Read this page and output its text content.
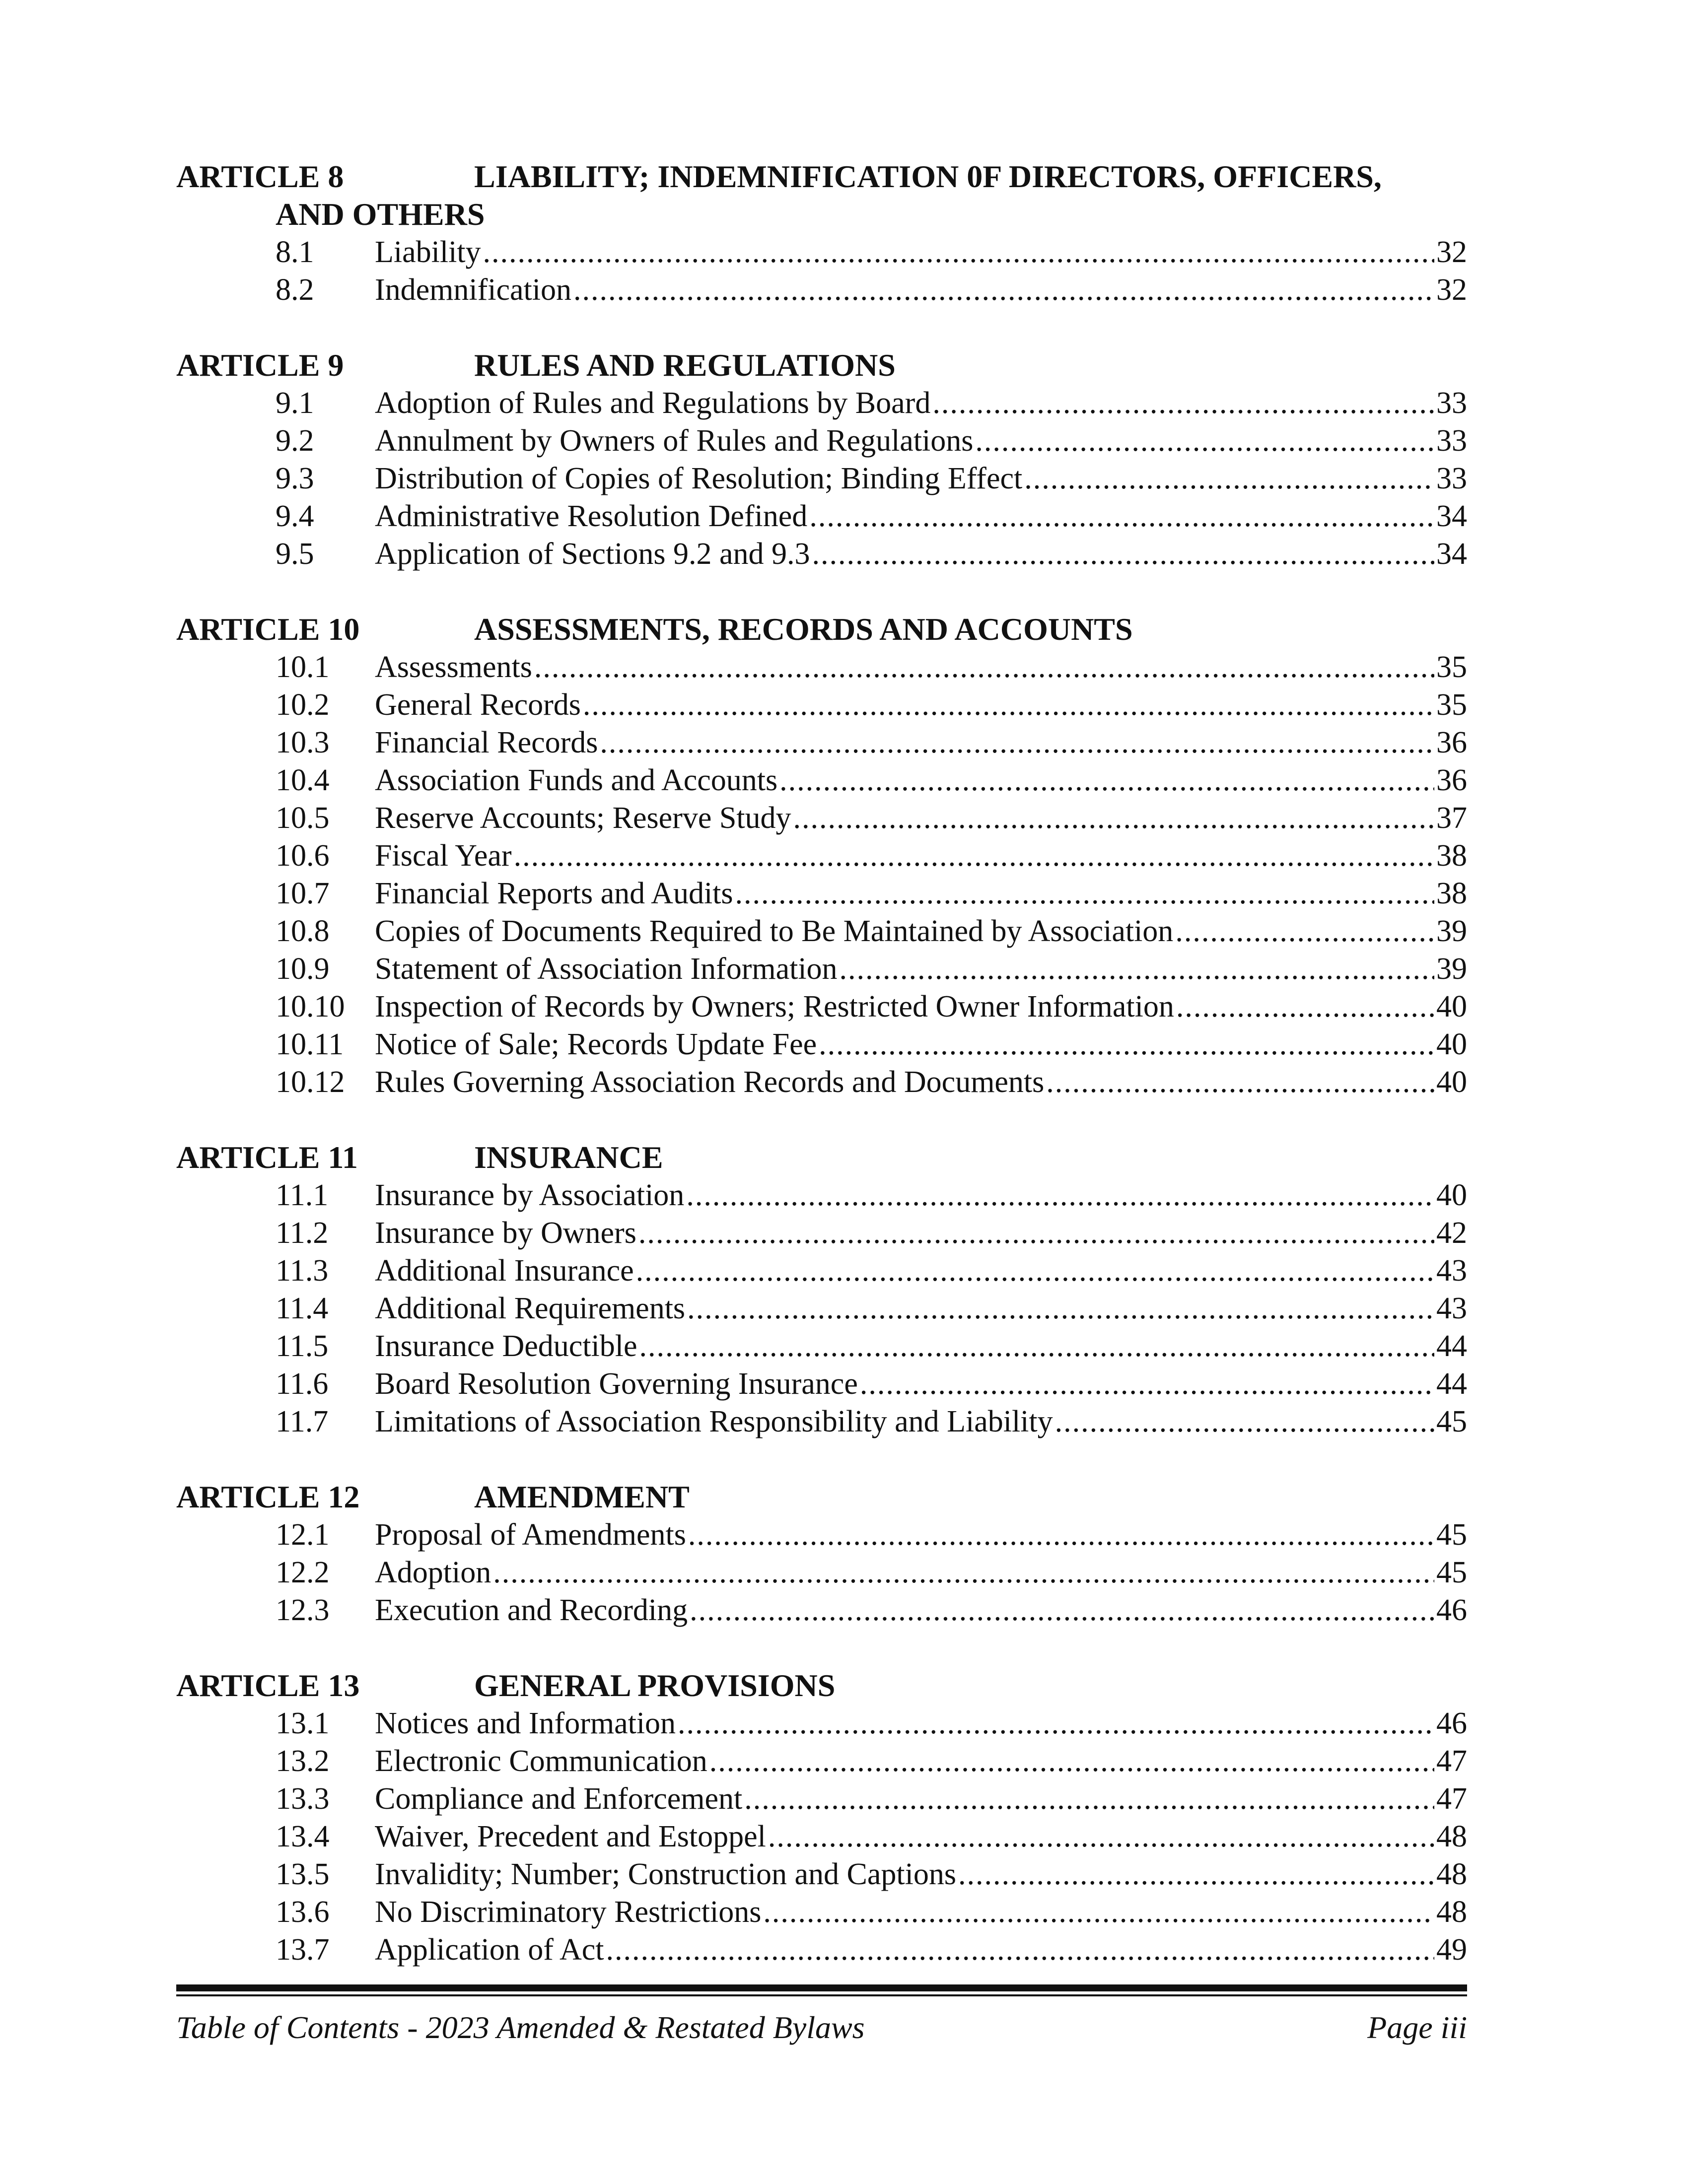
ARTICLE 8	LIABILITY; INDEMNIFICATION 0F DIRECTORS, OFFICERS,
AND OTHERS
8.1	Liability .....	32
8.2	Indemnification .....	32
ARTICLE 9	RULES AND REGULATIONS
9.1	Adoption of Rules and Regulations by Board .....	33
9.2	Annulment by Owners of Rules and Regulations .....	33
9.3	Distribution of Copies of Resolution; Binding Effect .....	33
9.4	Administrative Resolution Defined .....	34
9.5	Application of Sections 9.2 and 9.3 .....	34
ARTICLE 10	ASSESSMENTS, RECORDS AND ACCOUNTS
10.1	Assessments .....	35
10.2	General Records .....	35
10.3	Financial Records .....	36
10.4	Association Funds and Accounts .....	36
10.5	Reserve Accounts; Reserve Study .....	37
10.6	Fiscal Year .....	38
10.7	Financial Reports and Audits .....	38
10.8	Copies of Documents Required to Be Maintained by Association .....	39
10.9	Statement of Association Information .....	39
10.10 Inspection of Records by Owners; Restricted Owner Information .....	40
10.11	Notice of Sale; Records Update Fee .....	40
10.12 Rules Governing Association Records and Documents .....	40
ARTICLE 11	INSURANCE
11.1	Insurance by Association .....	40
11.2	Insurance by Owners .....	42
11.3	Additional Insurance .....	43
11.4	Additional Requirements .....	43
11.5	Insurance Deductible .....	44
11.6	Board Resolution Governing Insurance .....	44
11.7	Limitations of Association Responsibility and Liability .....	45
ARTICLE 12	AMENDMENT
12.1	Proposal of Amendments .....	45
12.2	Adoption .....	45
12.3	Execution and Recording .....	46
ARTICLE 13	GENERAL PROVISIONS
13.1	Notices and Information .....	46
13.2	Electronic Communication .....	47
13.3	Compliance and Enforcement .....	47
13.4	Waiver, Precedent and Estoppel .....	48
13.5	Invalidity; Number; Construction and Captions .....	48
13.6	No Discriminatory Restrictions .....	48
13.7	Application of Act .....	49
Table of Contents - 2023 Amended & Restated Bylaws	Page iii
